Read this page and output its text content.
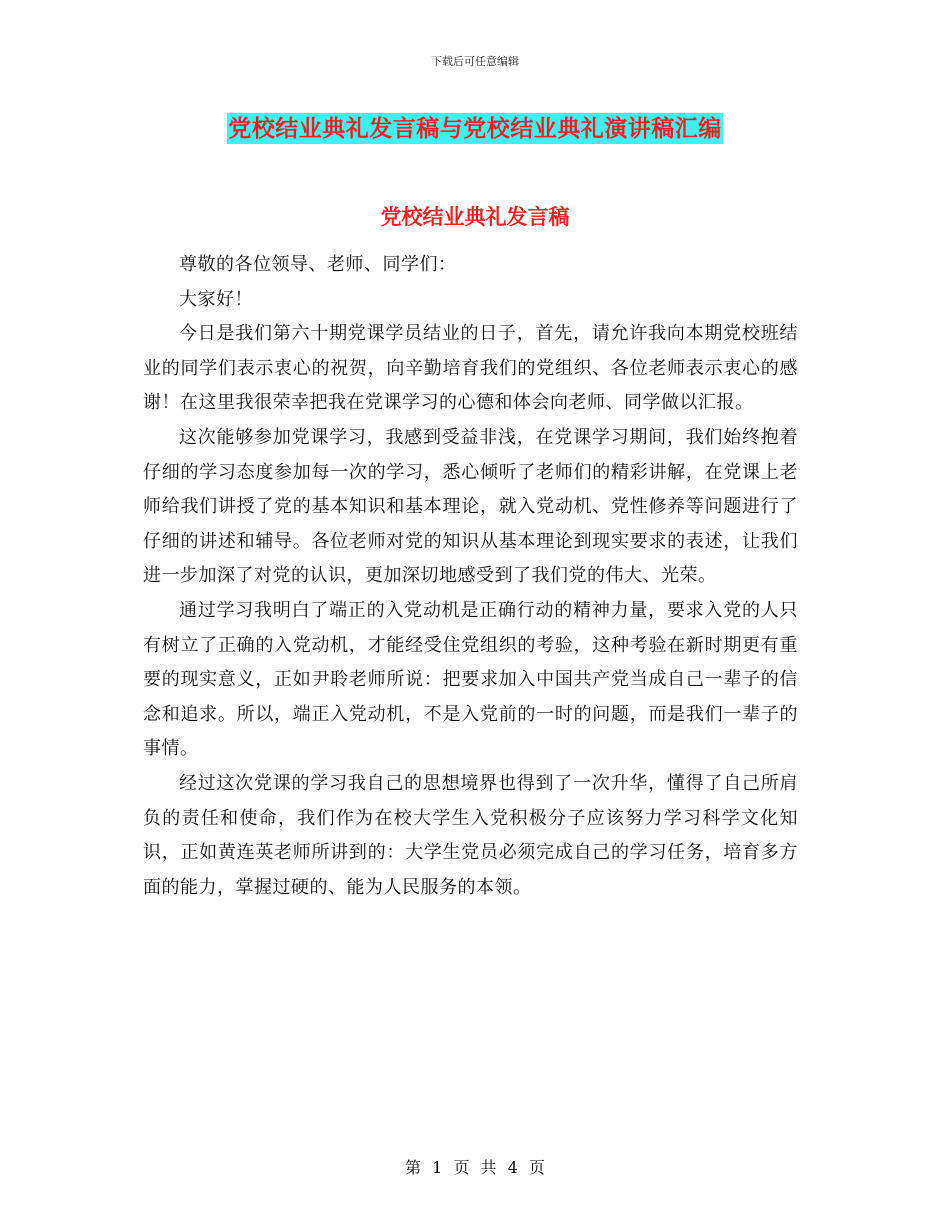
下载后可任意编辑
党校结业典礼发言稿与党校结业典礼演讲稿汇编
党校结业典礼发言稿

尊敬的各位领导、老师、同学们：

大家好！

今日是我们第六十期党课学员结业的日子，首先，请允许我向本期党校班结业的同学们表示衷心的祝贺，向辛勤培育我们的党组织、各位老师表示衷心的感谢！在这里我很荣幸把我在党课学习的心德和体会向老师、同学做以汇报。

这次能够参加党课学习，我感到受益非浅，在党课学习期间，我们始终抱着仔细的学习态度参加每一次的学习，悉心倾听了老师们的精彩讲解，在党课上老师给我们讲授了党的基本知识和基本理论，就入党动机、党性修养等问题进行了仔细的讲述和辅导。各位老师对党的知识从基本理论到现实要求的表述，让我们进一步加深了对党的认识，更加深切地感受到了我们党的伟大、光荣。

通过学习我明白了端正的入党动机是正确行动的精神力量，要求入党的人只有树立了正确的入党动机，才能经受住党组织的考验，这种考验在新时期更有重要的现实意义，正如尹聆老师所说：把要求加入中国共产党当成自己一辈子的信念和追求。所以，端正入党动机，不是入党前的一时的问题，而是我们一辈子的事情。

经过这次党课的学习我自己的思想境界也得到了一次升华，懂得了自己所肩负的责任和使命，我们作为在校大学生入党积极分子应该努力学习科学文化知识，正如黄连英老师所讲到的：大学生党员必须完成自己的学习任务，培育多方面的能力，掌握过硬的、能为人民服务的本领。

第 1 页 共 4 页
